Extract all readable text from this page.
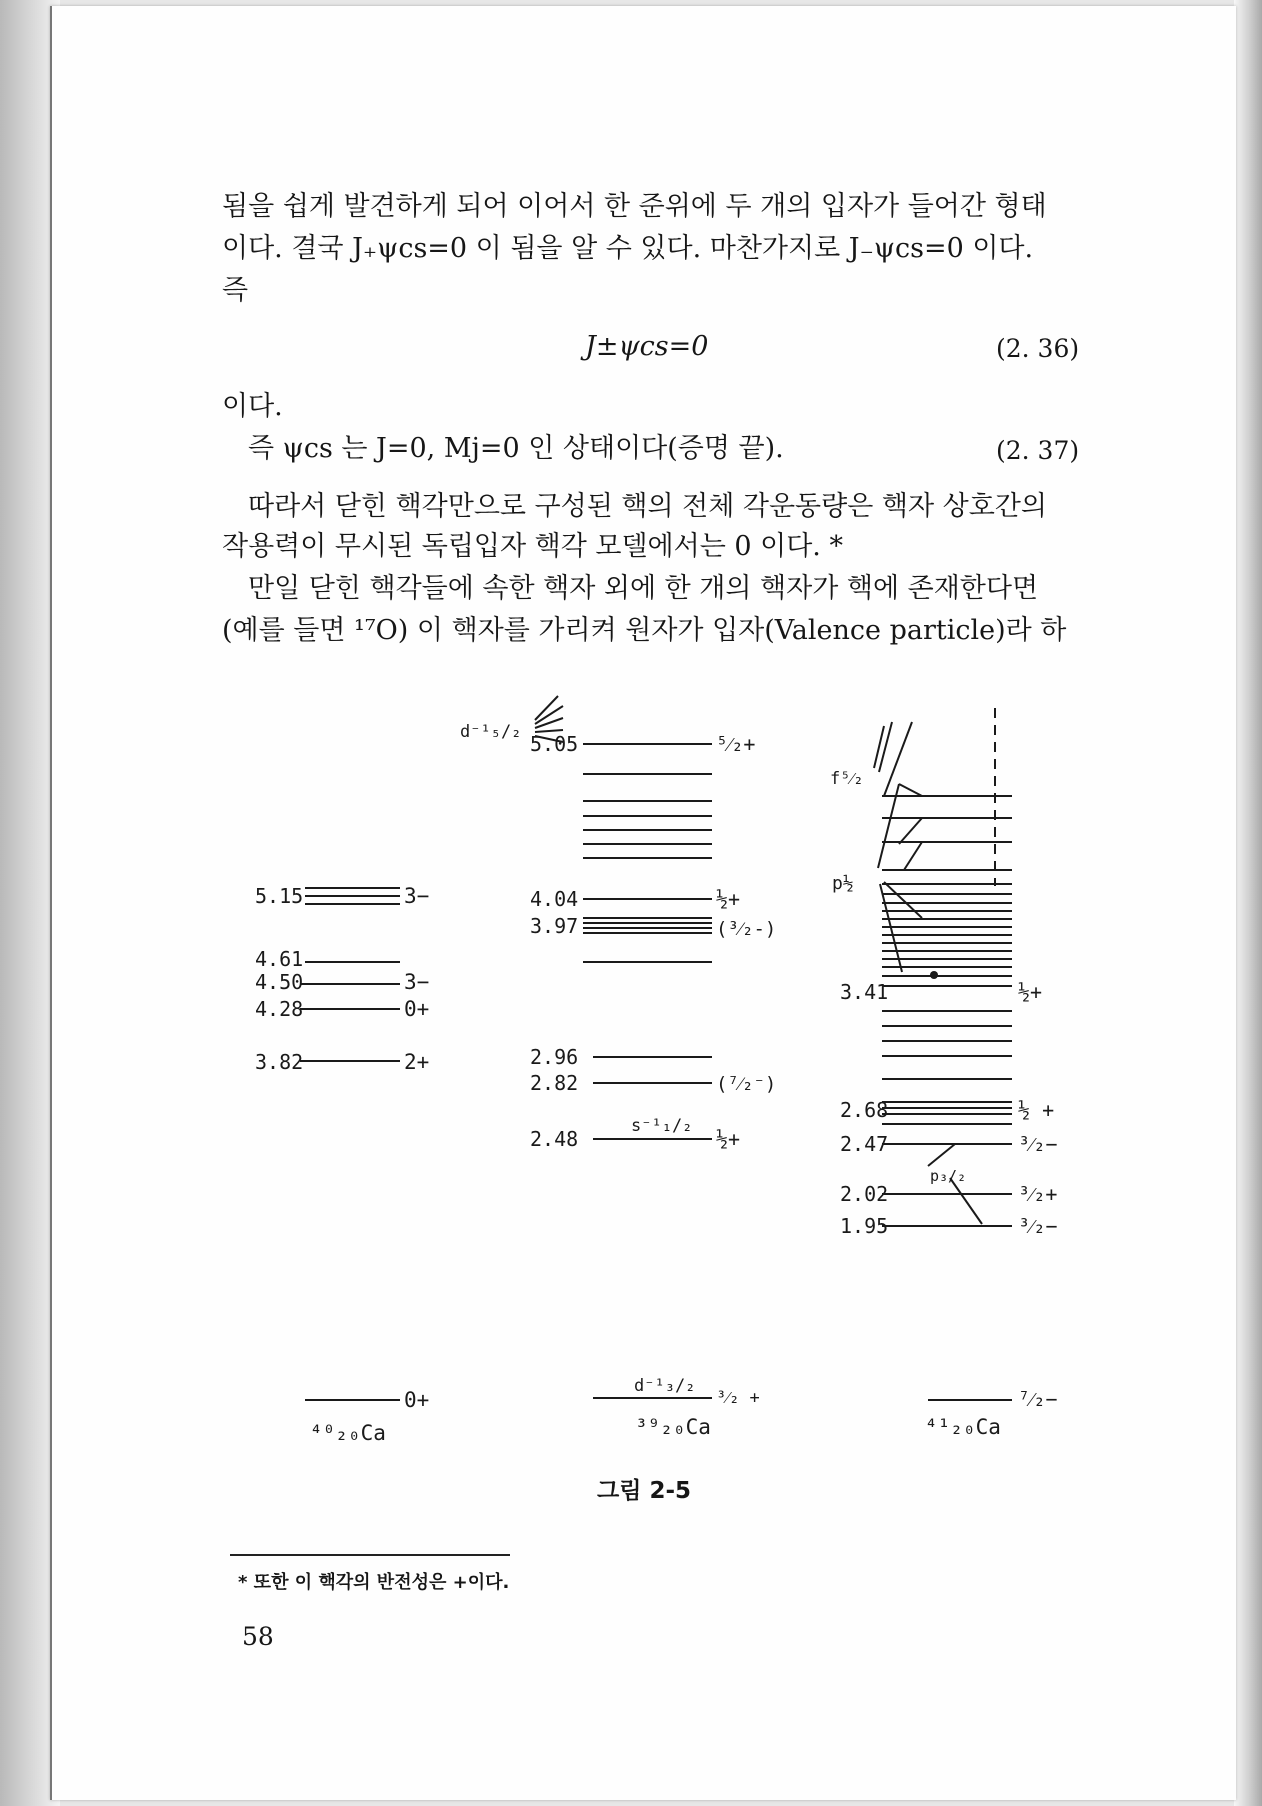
됨을 쉽게 발견하게 되어 이어서 한 준위에 두 개의 입자가 들어간 형태
이다. 결국 J₊ψcs=0 이 됨을 알 수 있다. 마찬가지로 J₋ψcs=0 이다.
즉
J±ψcs=0	(2. 36)
이다.
즉 ψcs 는 J=0, Mj=0 인 상태이다(증명 끝).	(2. 37)
따라서 닫힌 핵각만으로 구성된 핵의 전체 각운동량은 핵자 상호간의
작용력이 무시된 독립입자 핵각 모델에서는 0 이다. *
만일 닫힌 핵각들에 속한 핵자 외에 한 개의 핵자가 핵에 존재한다면
(예를 들면 ¹⁷O) 이 핵자를 가리켜 원자가 입자(Valence particle)라 하
5.15	3−
4.61
4.50	3−
4.28	0+
3.82	2+
0+
⁴⁰₂₀Ca
d⁻¹₅/₂ 5.05	⁵⁄₂+
4.04	½+
3.97	(³⁄₂-)
2.96
2.82	(⁷⁄₂⁻)
s⁻¹₁/₂
2.48	½+
d⁻¹₃/₂
³⁄₂ +
³⁹₂₀Ca
f⁵⁄₂
p½
3.41	½+
2.68	½ +
2.47	³⁄₂−
p₃/₂
2.02	³⁄₂+
1.95	³⁄₂−
⁷⁄₂−
⁴¹₂₀Ca
그림 2-5
* 또한 이 핵각의 반전성은 +이다.
58
